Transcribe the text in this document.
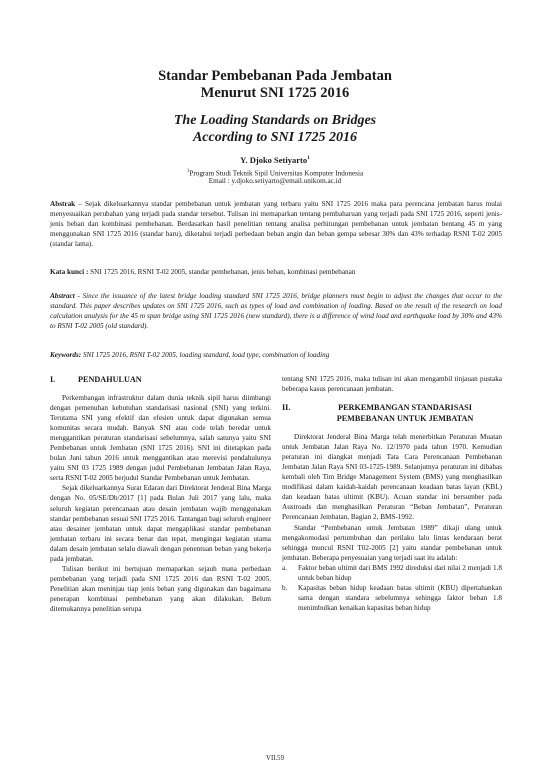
Standar Pembebanan Pada Jembatan
Menurut SNI 1725 2016
The Loading Standards on Bridges
According to SNI 1725 2016
Y. Djoko Setiyarto$^1$
$^1$Program Studi Teknik Sipil Universitas Komputer Indonesia
Email : y.djoko.setiyarto@email.unikom.ac.id
Abstrak – Sejak dikeluarkannya standar pembebanan untuk jembatan yang terbaru yaitu SNI 1725 2016 maka para perencana jembatan harus mulai menyesuaikan perubahan yang terjadi pada standar tersebut. Tulisan ini memaparkan tentang pembaharuan yang terjadi pada SNI 1725 2016, seperti jenis-jenis beban dan kombinasi pembebanan. Berdasarkan hasil penelitian tentang analisa perhitungan pembebanan untuk jembatan bentang 45 m yang menggunakan SNI 1725 2016 (standar baru), diketahui terjadi perbedaan beban angin dan beban gempa sebesar 30% dan 43% terhadap RSNI T-02 2005 (standar lama).
Kata kunci : SNI 1725 2016, RSNI T-02 2005, standar pembebanan, jenis beban, kombinasi pembebanan
Abstract - Since the issuance of the latest bridge loading standard SNI 1725 2016, bridge planners must begin to adjust the changes that occur to the standard. This paper describes updates on SNI 1725 2016, such as types of load and combination of loading. Based on the result of the research on load calculation analysis for the 45 m span bridge using SNI 1725 2016 (new standard), there is a difference of wind load and earthquake load by 30% and 43% to RSNI T-02 2005 (old standard).
Keywords: SNI 1725 2016, RSNI T-02 2005, loading standard, load type, combination of loading
I.	PENDAHULUAN

Perkembangan infrastruktur dalam dunia teknik sipil harus diimbangi dengan pemenuhan kebutuhan standarisasi nasional (SNI) yang terkini. Terutama SNI yang efektif dan efesien untuk dapat digunakan semua komunitas secara mudah. Banyak SNI atau code telah beredar untuk menggantikan peraturan standarisasi sebelumnya, salah satunya yaitu SNI Pembebanan untuk Jembatan (SNI 1725 2016). SNI ini ditetapkan pada bulan Juni tahun 2016 untuk menggantikan atau merevisi pendahulunya yaitu SNI 03 1725 1989 dengan judul Pembebanan Jembatan Jalan Raya, serta RSNI T-02 2005 berjudul Standar Pembebanan untuk Jembatan.

Sejak dikeluarkannya Surat Edaran dari Direktorat Jenderal Bina Marga dengan No. 05/SE/Db/2017 [1] pada Bulan Juli 2017 yang lalu, maka seluruh kegiatan perencanaan atau desain jembatan wajib menggunakan standar pembebanan sesuai SNI 1725 2016. Tantangan bagi seluruh engineer atau desainer jembatan untuk dapat mengaplikasi standar pembebanan jembatan terbaru ini secara benar dan tepat, mengingat kegiatan utama dalam desain jembatan selalu diawali dengan penentuan beban yang bekerja pada jembatan.

Tulisan berikut ini bertujuan memaparkan sejauh mana perbedaan pembebanan yang terjadi pada SNI 1725 2016 dan RSNI T-02 2005. Penelitian akan meninjau tiap jenis beban yang digunakan dan bagaimana penerapan kombinasi pembebanan yang akan dilakukan. Belum ditemukannya penelitian serupa

tentang SNI 1725 2016, maka tulisan ini akan mengambil tinjauan pustaka beberapa kasus perencanaan jembatan.

II.	PERKEMBANGAN STANDARISASI
PEMBEBANAN UNTUK JEMBATAN

Direktorat Jenderal Bina Marga telah menerbitkan Peraturan Muatan untuk Jembatan Jalan Raya No. 12/1970 pada tahun 1970. Kemudian peraturan ini diangkat menjadi Tata Cara Perencanaan Pembebanan Jembatan Jalan Raya SNI 03-1725-1989. Selanjutnya peraturan ini dibahas kembali oleh Tim Bridge Management System (BMS) yang menghasilkan modifikasi dalam kaidah-kaidah perencanaan keadaan batas layan (KBL) dan keadaan batas ultimit (KBU). Acuan standar ini bersumber pada Austroads dan menghasilkan Peraturan “Beban Jembatan”, Peraturan Perencanaan Jembatan, Bagian 2, BMS-1992.

Standar “Pembebanan untuk Jembatan 1989” dikaji ulang untuk mengakomodasi pertumbuhan dan perilaku lalu lintas kendaraan berat sehingga muncul RSNI T02-2005 [2] yaitu standar pembebanan untuk jembatan. Beberapa penyesuaian yang terjadi saat itu adalah:

a.	Faktor beban ultimit dari BMS 1992 direduksi dari nilai 2 menjadi 1.8 untuk beban hidup
b.	Kapasitas beban hidup keadaan batas ultimit (KBU) dipertahankan sama dengan standara sebelumnya sehingga faktor beban 1.8 menimbulkan kenaikan kapasitas beban hidup
VII.59
